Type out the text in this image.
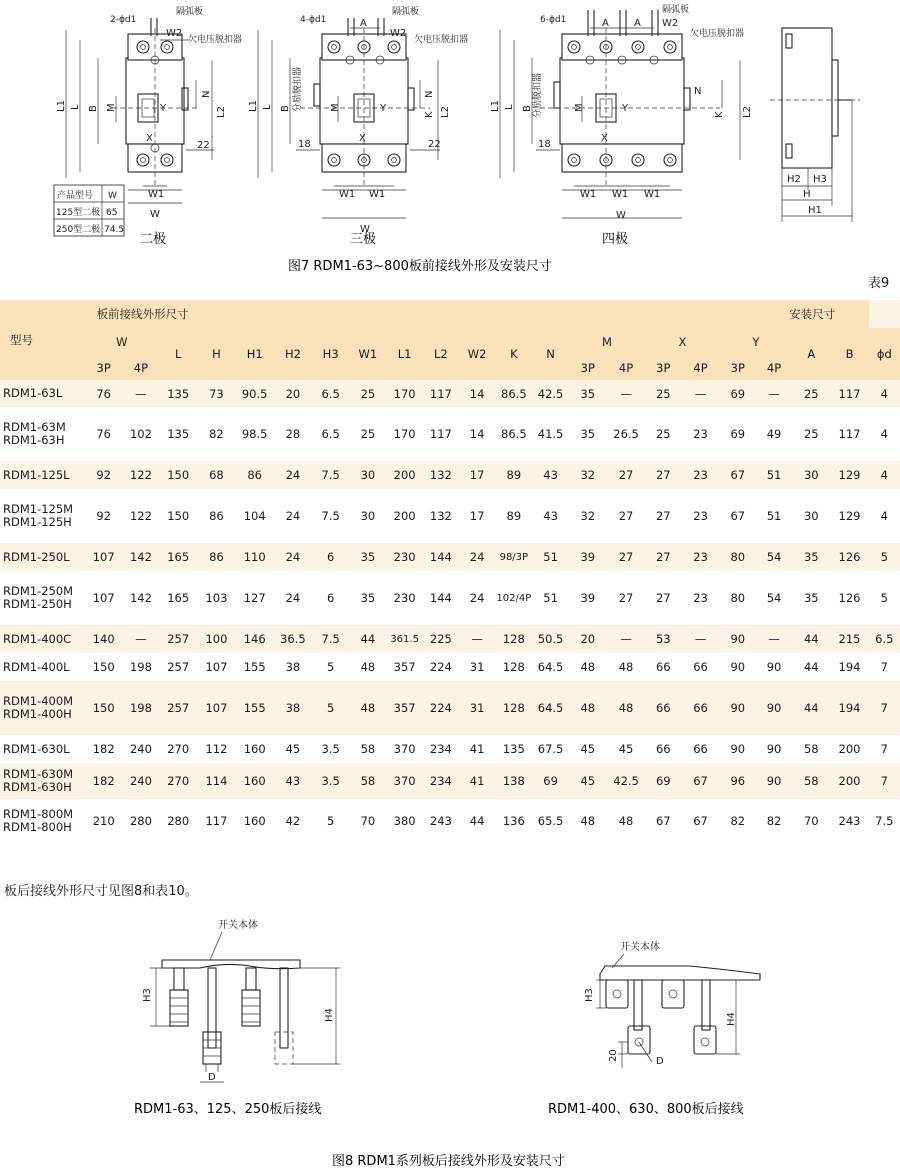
L1 L B M	L2
N
X
Y
W1
W
W2
22
2-ϕd1
隔弧板
欠电压脱扣器
产品型号 W
125型二极 65
250型二极 74.5
二极
L1 L B 分励脱扣器	M	L2
N
K
X
Y
W1 W1
W
A
W2
18	22
4-ϕd1
隔弧板
欠电压脱扣器
三极
L1 L B 分励脱扣器	M	L2
N
K
X
Y
W1 W1 W1
W
A	A W2
18
6-ϕd1
隔弧板
欠电压脱扣器
四极
H2 H3
H
H1
图7 RDM1-63~800板前接线外形及安装尺寸
表9
型号	板前接线外形尺寸																		安装尺寸			
	W		L	H	H1	H2	H3	W1	L1	L2	W2	K	N	M		X		Y		A	B	ϕd
	3P	4P												3P	4P	3P	4P	3P	4P			

RDM1-63L	76	—	135	73	90.5	20	6.5	25	170	117	14	86.5	42.5	35	—	25	—	69	—	25	117	4

RDM1-63M
RDM1-63H	76	102	135	82	98.5	28	6.5	25	170	117	14	86.5	41.5	35	26.5	25	23	69	49	25	117	4

RDM1-125L	92	122	150	68	86	24	7.5	30	200	132	17	89	43	32	27	27	23	67	51	30	129	4

RDM1-125M
RDM1-125H	92	122	150	86	104	24	7.5	30	200	132	17	89	43	32	27	27	23	67	51	30	129	4

RDM1-250L	107	142	165	86	110	24	6	35	230	144	24	98/3P	51	39	27	27	23	80	54	35	126	5

RDM1-250M
RDM1-250H	107	142	165	103	127	24	6	35	230	144	24	102/4P	51	39	27	27	23	80	54	35	126	5

RDM1-400C	140	—	257	100	146	36.5	7.5	44	361.5	225	—	128	50.5	20	—	53	—	90	—	44	215	6.5

RDM1-400L	150	198	257	107	155	38	5	48	357	224	31	128	64.5	48	48	66	66	90	90	44	194	7

RDM1-400M
RDM1-400H	150	198	257	107	155	38	5	48	357	224	31	128	64.5	48	48	66	66	90	90	44	194	7

RDM1-630L	182	240	270	112	160	45	3.5	58	370	234	41	135	67.5	45	45	66	66	90	90	58	200	7

RDM1-630M
RDM1-630H	182	240	270	114	160	43	3.5	58	370	234	41	138	69	45	42.5	69	67	96	90	58	200	7

RDM1-800M
RDM1-800H	210	280	280	117	160	42	5	70	380	243	44	136	65.5	48	48	67	67	82	82	70	243	7.5
板后接线外形尺寸见图8和表10。
H3
H4
D
开关本体
RDM1-63、125、250板后接线
H3
H4
20	D
开关本体
RDM1-400、630、800板后接线
图8 RDM1系列板后接线外形及安装尺寸
